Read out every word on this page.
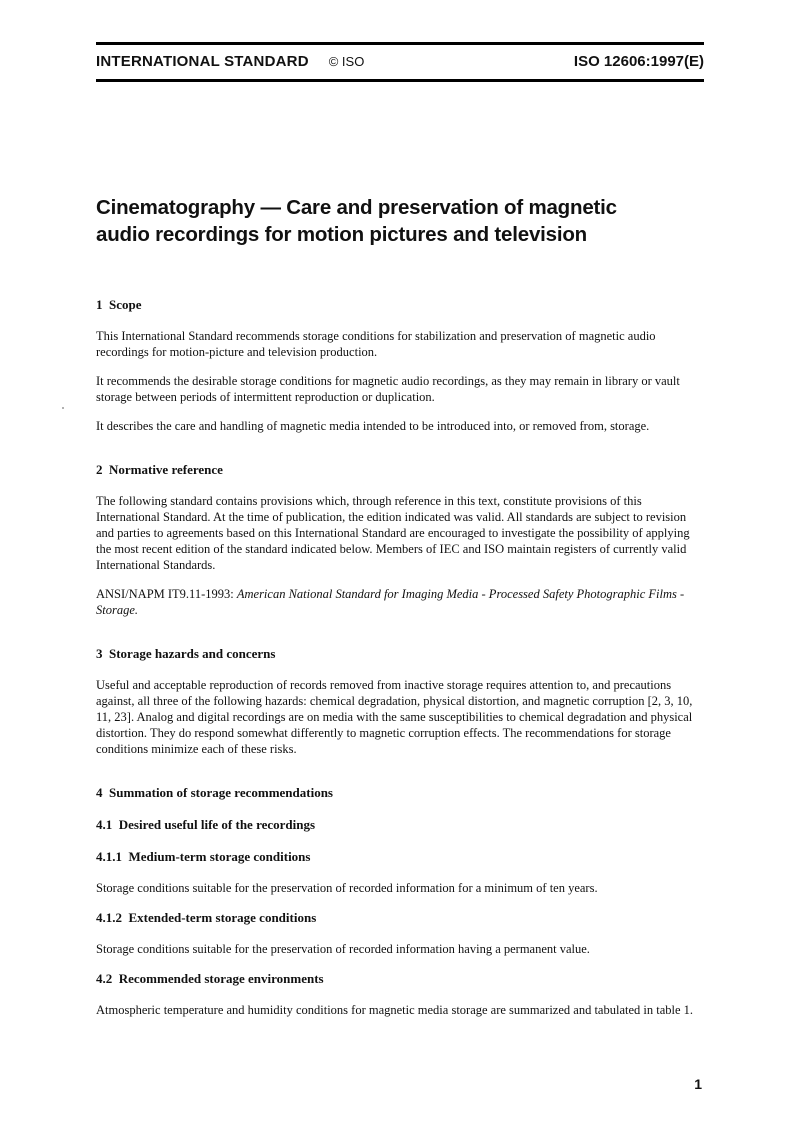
INTERNATIONAL STANDARD © ISO	ISO 12606:1997(E)
Cinematography — Care and preservation of magnetic audio recordings for motion pictures and television
1  Scope

This International Standard recommends storage conditions for stabilization and preservation of magnetic audio recordings for motion-picture and television production.

It recommends the desirable storage conditions for magnetic audio recordings, as they may remain in library or vault storage between periods of intermittent reproduction or duplication.

It describes the care and handling of magnetic media intended to be introduced into, or removed from, storage.

2  Normative reference

The following standard contains provisions which, through reference in this text, constitute provisions of this International Standard. At the time of publication, the edition indicated was valid. All standards are subject to revision and parties to agreements based on this International Standard are encouraged to investigate the possibility of applying the most recent edition of the standard indicated below. Members of IEC and ISO maintain registers of currently valid International Standards.

ANSI/NAPM IT9.11-1993: American National Standard for Imaging Media - Processed Safety Photographic Films - Storage.

3  Storage hazards and concerns

Useful and acceptable reproduction of records removed from inactive storage requires attention to, and precautions against, all three of the following hazards: chemical degradation, physical distortion, and magnetic corruption [2, 3, 10, 11, 23]. Analog and digital recordings are on media with the same susceptibilities to chemical degradation and physical distortion. They do respond somewhat differently to magnetic corruption effects. The recommendations for storage conditions minimize each of these risks.

4  Summation of storage recommendations
4.1  Desired useful life of the recordings
4.1.1  Medium-term storage conditions

Storage conditions suitable for the preservation of recorded information for a minimum of ten years.

4.1.2  Extended-term storage conditions

Storage conditions suitable for the preservation of recorded information having a permanent value.

4.2  Recommended storage environments

Atmospheric temperature and humidity conditions for magnetic media storage are summarized and tabulated in table 1.

1
